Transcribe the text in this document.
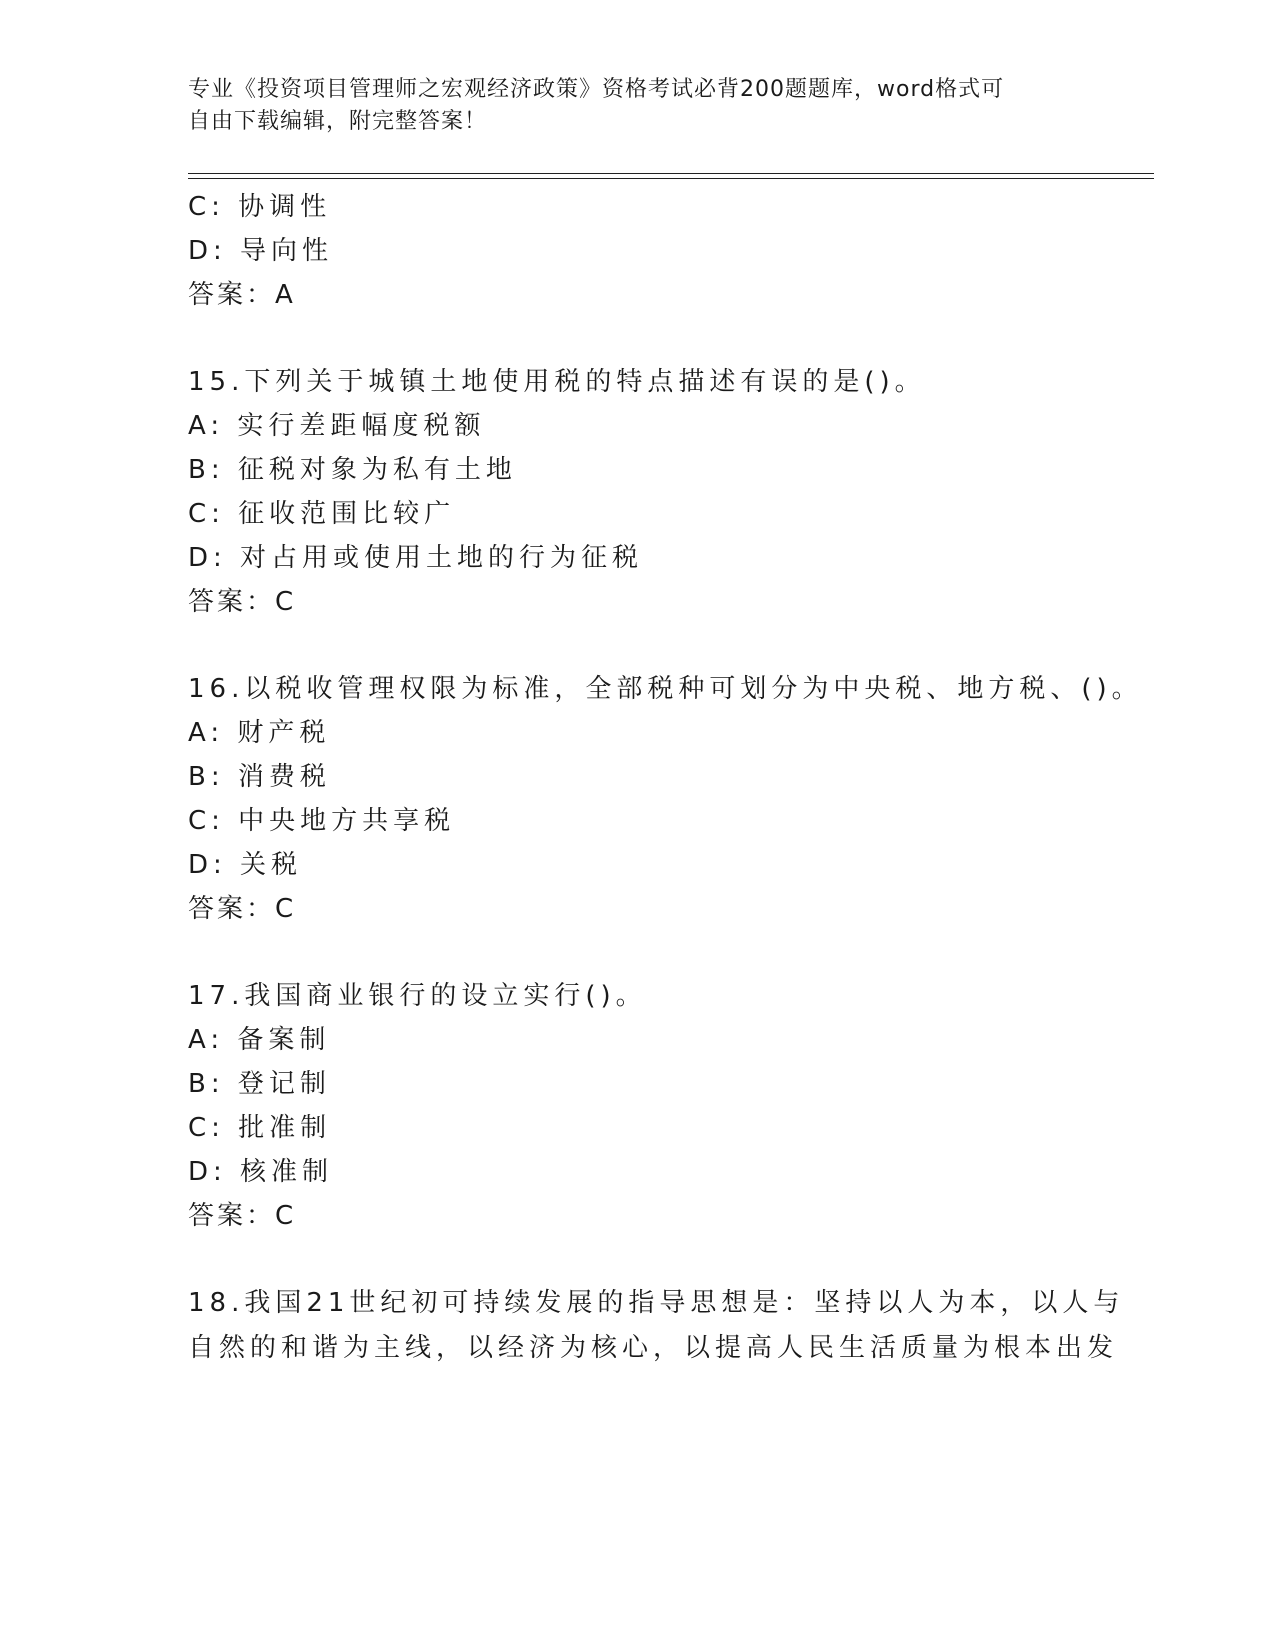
专业《投资项目管理师之宏观经济政策》资格考试必背200题题库，word格式可
自由下载编辑，附完整答案！
C: 协调性
D: 导向性
答案：A
15.下列关于城镇土地使用税的特点描述有误的是()。
A: 实行差距幅度税额
B: 征税对象为私有土地
C: 征收范围比较广
D: 对占用或使用土地的行为征税
答案：C
16.以税收管理权限为标准，全部税种可划分为中央税、地方税、()。
A: 财产税
B: 消费税
C: 中央地方共享税
D: 关税
答案：C
17.我国商业银行的设立实行()。
A: 备案制
B: 登记制
C: 批准制
D: 核准制
答案：C
18.我国21世纪初可持续发展的指导思想是：坚持以人为本，以人与
自然的和谐为主线，以经济为核心，以提高人民生活质量为根本出发
